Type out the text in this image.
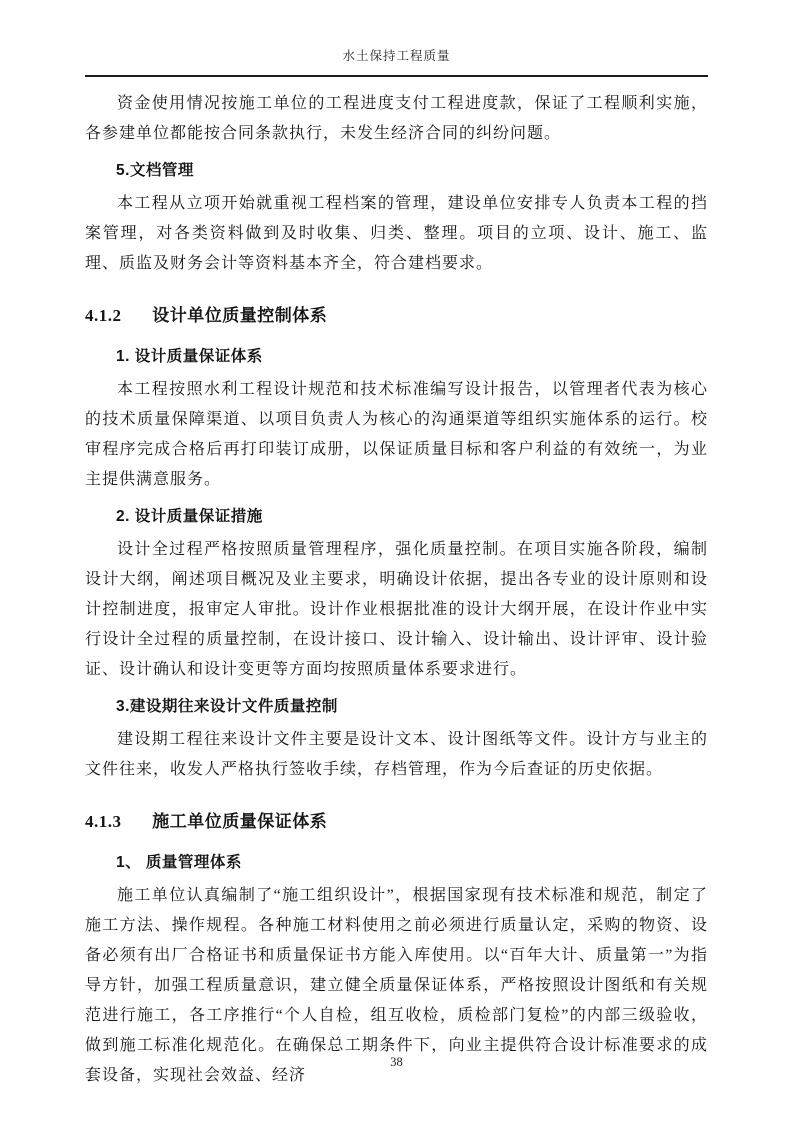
水土保持工程质量

资金使用情况按施工单位的工程进度支付工程进度款，保证了工程顺利实施，各参建单位都能按合同条款执行，未发生经济合同的纠纷问题。

5.文档管理

本工程从立项开始就重视工程档案的管理，建设单位安排专人负责本工程的挡案管理，对各类资料做到及时收集、归类、整理。项目的立项、设计、施工、监理、质监及财务会计等资料基本齐全，符合建档要求。

4.1.2 设计单位质量控制体系
1. 设计质量保证体系

本工程按照水利工程设计规范和技术标准编写设计报告，以管理者代表为核心的技术质量保障渠道、以项目负责人为核心的沟通渠道等组织实施体系的运行。校审程序完成合格后再打印装订成册，以保证质量目标和客户利益的有效统一，为业主提供满意服务。

2. 设计质量保证措施

设计全过程严格按照质量管理程序，强化质量控制。在项目实施各阶段，编制设计大纲，阐述项目概况及业主要求，明确设计依据，提出各专业的设计原则和设计控制进度，报审定人审批。设计作业根据批准的设计大纲开展，在设计作业中实行设计全过程的质量控制，在设计接口、设计输入、设计输出、设计评审、设计验证、设计确认和设计变更等方面均按照质量体系要求进行。

3.建设期往来设计文件质量控制

建设期工程往来设计文件主要是设计文本、设计图纸等文件。设计方与业主的文件往来，收发人严格执行签收手续，存档管理，作为今后查证的历史依据。

4.1.3 施工单位质量保证体系
1、 质量管理体系

施工单位认真编制了“施工组织设计”，根据国家现有技术标准和规范，制定了施工方法、操作规程。各种施工材料使用之前必须进行质量认定，采购的物资、设备必须有出厂合格证书和质量保证书方能入库使用。以“百年大计、质量第一”为指导方针，加强工程质量意识，建立健全质量保证体系，严格按照设计图纸和有关规范进行施工，各工序推行“个人自检，组互收检，质检部门复检”的内部三级验收，做到施工标准化规范化。在确保总工期条件下，向业主提供符合设计标准要求的成套设备，实现社会效益、经济

38
